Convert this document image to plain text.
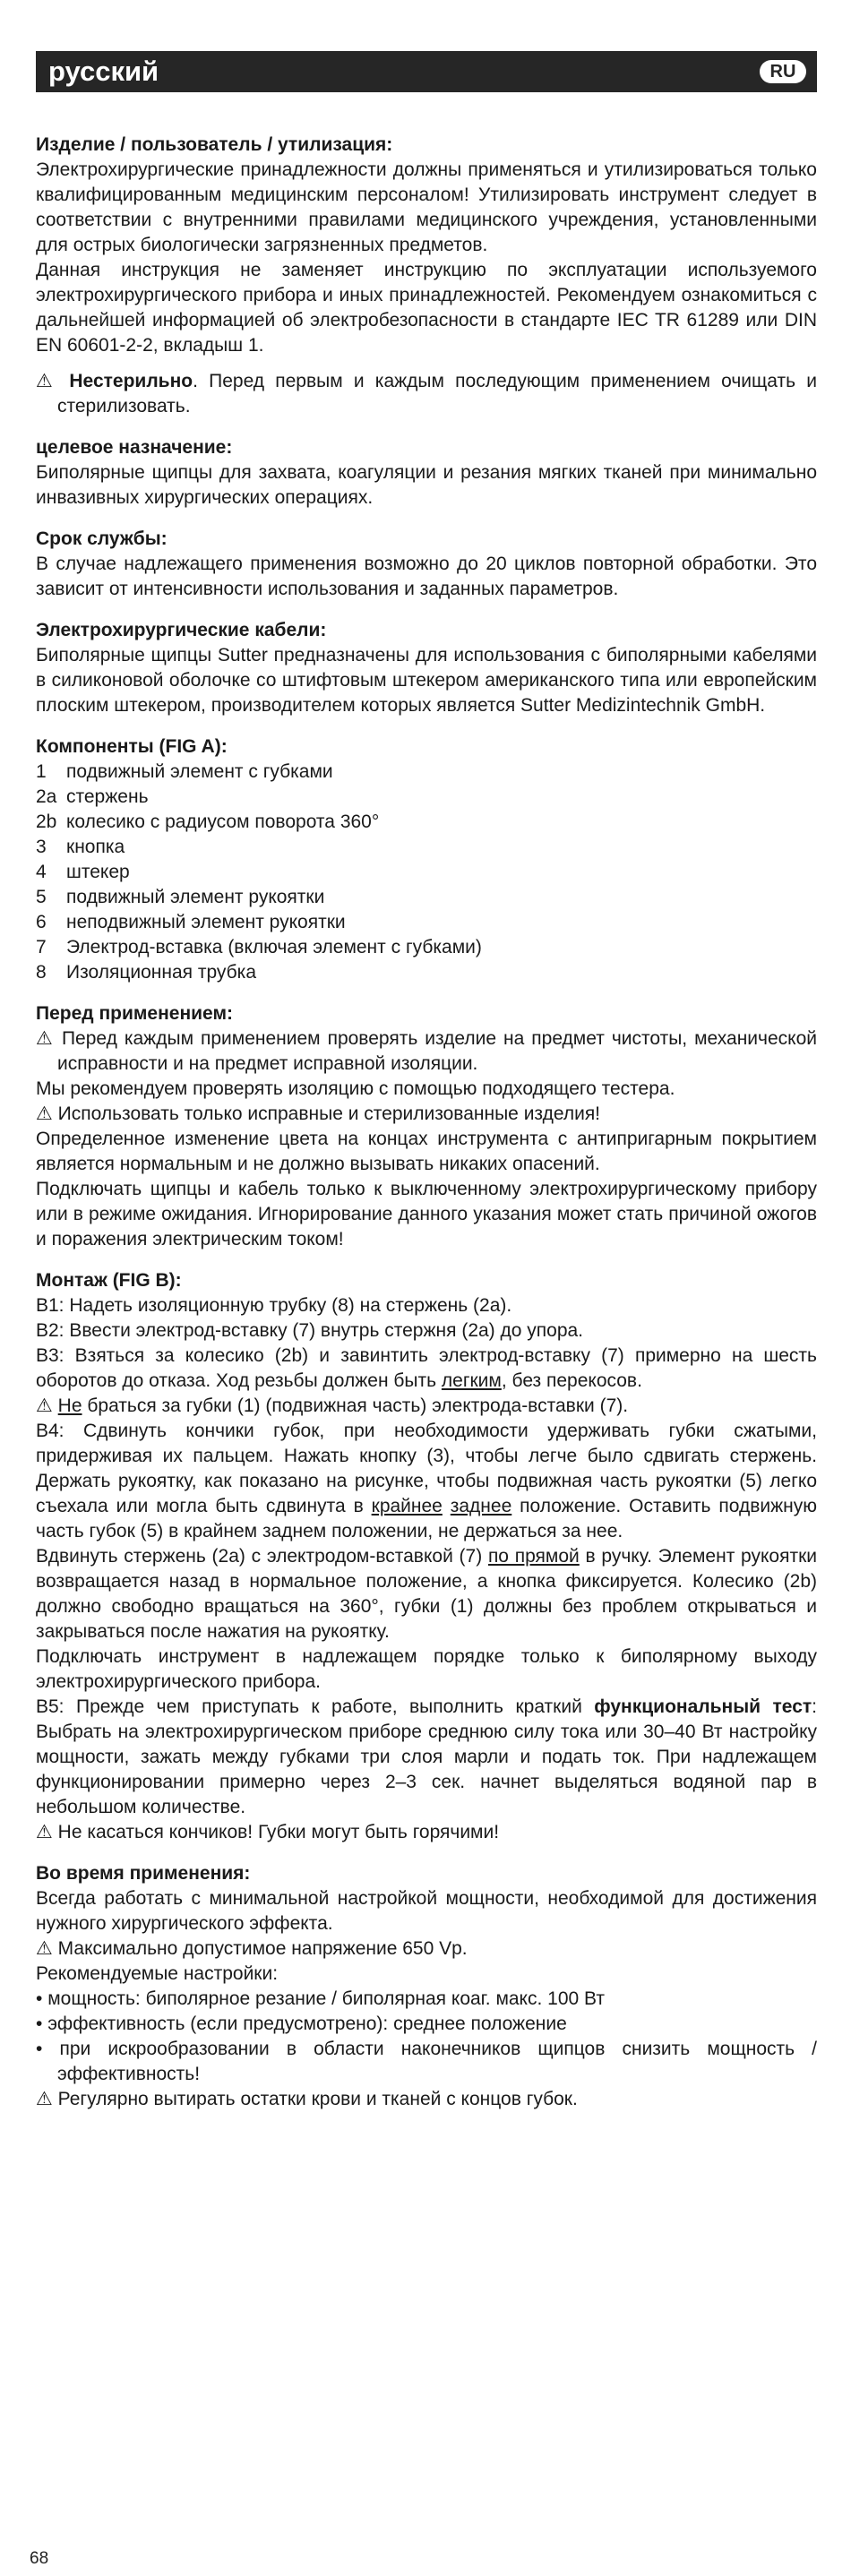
русский	RU
Изделие / пользователь / утилизация:

Электрохирургические принадлежности должны применяться и утилизироваться только квалифицированным медицинским персоналом! Утилизировать инструмент следует в соответствии с внутренними правилами медицинского учреждения, установленными для острых биологически загрязненных предметов.

Данная инструкция не заменяет инструкцию по эксплуатации используемого электрохирургического прибора и иных принадлежностей. Рекомендуем ознакомиться с дальнейшей информацией об электробезопасности в стандарте IEC TR 61289 или DIN EN 60601-2-2, вкладыш 1.

⚠ Нестерильно. Перед первым и каждым последующим применением очищать и стерилизовать.

целевое назначение:

Биполярные щипцы для захвата, коагуляции и резания мягких тканей при минимально инвазивных хирургических операциях.

Срок службы:

В случае надлежащего применения возможно до 20 циклов повторной обработки. Это зависит от интенсивности использования и заданных параметров.

Электрохирургические кабели:

Биполярные щипцы Sutter предназначены для использования с биполярными кабелями в силиконовой оболочке со штифтовым штекером американского типа или европейским плоским штекером, производителем которых является Sutter Medizintechnik GmbH.

Компоненты (FIG A):
1 подвижный элемент с губками
2a стержень
2b колесико с радиусом поворота 360°
3 кнопка
4 штекер
5 подвижный элемент рукоятки
6 неподвижный элемент рукоятки
7 Электрод-вставка (включая элемент с губками)
8 Изоляционная трубка
Перед применением:

⚠ Перед каждым применением проверять изделие на предмет чистоты, механической исправности и на предмет исправной изоляции.

Мы рекомендуем проверять изоляцию с помощью подходящего тестера.

⚠ Использовать только исправные и стерилизованные изделия!

Определенное изменение цвета на концах инструмента с антипригарным покрытием является нормальным и не должно вызывать никаких опасений.

Подключать щипцы и кабель только к выключенному электрохирургическому прибору или в режиме ожидания. Игнорирование данного указания может стать причиной ожогов и поражения электрическим током!

Монтаж (FIG B):

B1: Надеть изоляционную трубку (8) на стержень (2a).

B2: Ввести электрод-вставку (7) внутрь стержня (2a) до упора.

B3: Взяться за колесико (2b) и завинтить электрод-вставку (7) примерно на шесть оборотов до отказа. Ход резьбы должен быть легким, без перекосов.

⚠ Не браться за губки (1) (подвижная часть) электрода-вставки (7).

B4: Сдвинуть кончики губок, при необходимости удерживать губки сжатыми, придерживая их пальцем. Нажать кнопку (3), чтобы легче было сдвигать стержень. Держать рукоятку, как показано на рисунке, чтобы подвижная часть рукоятки (5) легко съехала или могла быть сдвинута в крайнее заднее положение. Оставить подвижную часть губок (5) в крайнем заднем положении, не держаться за нее.

Вдвинуть стержень (2a) с электродом-вставкой (7) по прямой в ручку. Элемент рукоятки возвращается назад в нормальное положение, а кнопка фиксируется. Колесико (2b) должно свободно вращаться на 360°, губки (1) должны без проблем открываться и закрываться после нажатия на рукоятку.

Подключать инструмент в надлежащем порядке только к биполярному выходу электрохирургического прибора.

B5: Прежде чем приступать к работе, выполнить краткий функциональный тест: Выбрать на электрохирургическом приборе среднюю силу тока или 30–40 Вт настройку мощности, зажать между губками три слоя марли и подать ток. При надлежащем функционировании примерно через 2–3 сек. начнет выделяться водяной пар в небольшом количестве.

⚠ Не касаться кончиков! Губки могут быть горячими!

Во время применения:

Всегда работать с минимальной настройкой мощности, необходимой для достижения нужного хирургического эффекта.

⚠ Максимально допустимое напряжение 650 Vp.

Рекомендуемые настройки:

• мощность: биполярное резание / биполярная коаг. макс. 100 Вт

• эффективность (если предусмотрено): среднее положение

• при искрообразовании в области наконечников щипцов снизить мощность / эффективность!

⚠ Регулярно вытирать остатки крови и тканей с концов губок.

68
